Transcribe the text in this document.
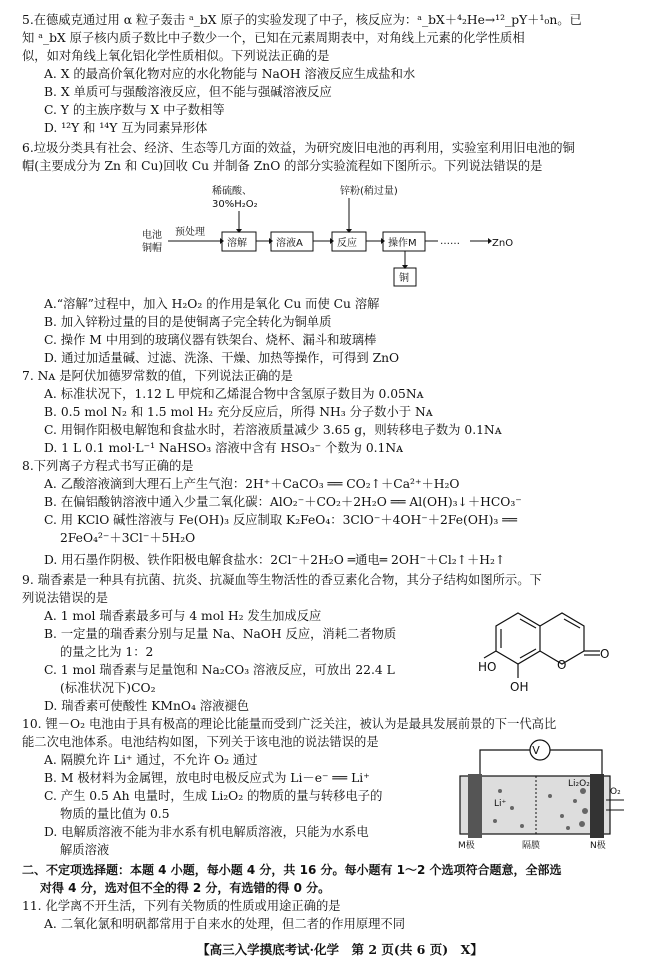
5.在德威克通过用 α 粒子轰击 ᵃ_bX 原子的实验发现了中子，核反应为：ᵃ_bX＋⁴₂He→¹²_pY＋¹₀n。已
知 ᵃ_bX 原子核内质子数比中子数少一个，已知在元素周期表中，对角线上元素的化学性质相
似，如对角线上氧化铝化学性质相似。下列说法正确的是
A. X 的最高价氧化物对应的水化物能与 NaOH 溶液反应生成盐和水
B. X 单质可与强酸溶液反应，但不能与强碱溶液反应
C. Y 的主族序数与 X 中子数相等
D. ¹²Y 和 ¹⁴Y 互为同素异形体
6.垃圾分类具有社会、经济、生态等几方面的效益，为研究废旧电池的再利用，实验室利用旧电池的铜
帽(主要成分为 Zn 和 Cu)回收 Cu 并制备 ZnO 的部分实验流程如下图所示。下列说法错误的是
电池
铜帽
预处理
稀硫酸、
30%H₂O₂
锌粉(稍过量)
溶解	溶液A	反应	操作M ……	ZnO
铜
A.“溶解”过程中，加入 H₂O₂ 的作用是氧化 Cu 而使 Cu 溶解
B. 加入锌粉过量的目的是使铜离子完全转化为铜单质
C. 操作 M 中用到的玻璃仪器有铁架台、烧杯、漏斗和玻璃棒
D. 通过加适量碱、过滤、洗涤、干燥、加热等操作，可得到 ZnO
7. Nᴀ 是阿伏加德罗常数的值，下列说法正确的是
A. 标准状况下，1.12 L 甲烷和乙烯混合物中含氢原子数目为 0.05Nᴀ
B. 0.5 mol N₂ 和 1.5 mol H₂ 充分反应后，所得 NH₃ 分子数小于 Nᴀ
C. 用铜作阳极电解饱和食盐水时，若溶液质量减少 3.65 g，则转移电子数为 0.1Nᴀ
D. 1 L 0.1 mol·L⁻¹ NaHSO₃ 溶液中含有 HSO₃⁻ 个数为 0.1Nᴀ
8.下列离子方程式书写正确的是
A. 乙酸溶液滴到大理石上产生气泡：2H⁺＋CaCO₃ ══ CO₂↑＋Ca²⁺＋H₂O
B. 在偏铝酸钠溶液中通入少量二氧化碳：AlO₂⁻＋CO₂＋2H₂O ══ Al(OH)₃↓＋HCO₃⁻
C. 用 KClO 碱性溶液与 Fe(OH)₃ 反应制取 K₂FeO₄：3ClO⁻＋4OH⁻＋2Fe(OH)₃ ══
2FeO₄²⁻＋3Cl⁻＋5H₂O
D. 用石墨作阴极、铁作阳极电解食盐水：2Cl⁻＋2H₂O ═通电═ 2OH⁻＋Cl₂↑＋H₂↑
9. 瑞香素是一种具有抗菌、抗炎、抗凝血等生物活性的香豆素化合物，其分子结构如图所示。下
列说法错误的是
A. 1 mol 瑞香素最多可与 4 mol H₂ 发生加成反应
B. 一定量的瑞香素分别与足量 Na、NaOH 反应，消耗二者物质
的量之比为 1：2
C. 1 mol 瑞香素与足量饱和 Na₂CO₃ 溶液反应，可放出 22.4 L
(标准状况下)CO₂
D. 瑞香素可使酸性 KMnO₄ 溶液褪色
HO
OH
O
O
10. 锂－O₂ 电池由于具有极高的理论比能量而受到广泛关注，被认为是最具发展前景的下一代高比
能二次电池体系。电池结构如图，下列关于该电池的说法错误的是
A. 隔膜允许 Li⁺ 通过，不允许 O₂ 通过
B. M 极材料为金属锂，放电时电极反应式为 Li－e⁻ ══ Li⁺
C. 产生 0.5 Ah 电量时，生成 Li₂O₂ 的物质的量与转移电子的
物质的量比值为 0.5
D. 电解质溶液不能为非水系有机电解质溶液，只能为水系电
解质溶液
V
Li⁺
Li₂O₂
O₂
M极	隔膜	N极
二、不定项选择题：本题 4 小题，每小题 4 分，共 16 分。每小题有 1～2 个选项符合题意，全部选
对得 4 分，选对但不全的得 2 分，有选错的得 0 分。
11. 化学离不开生活，下列有关物质的性质或用途正确的是
A. 二氧化氯和明矾都常用于自来水的处理，但二者的作用原理不同
【高三入学摸底考试·化学　第 2 页(共 6 页)　X】
